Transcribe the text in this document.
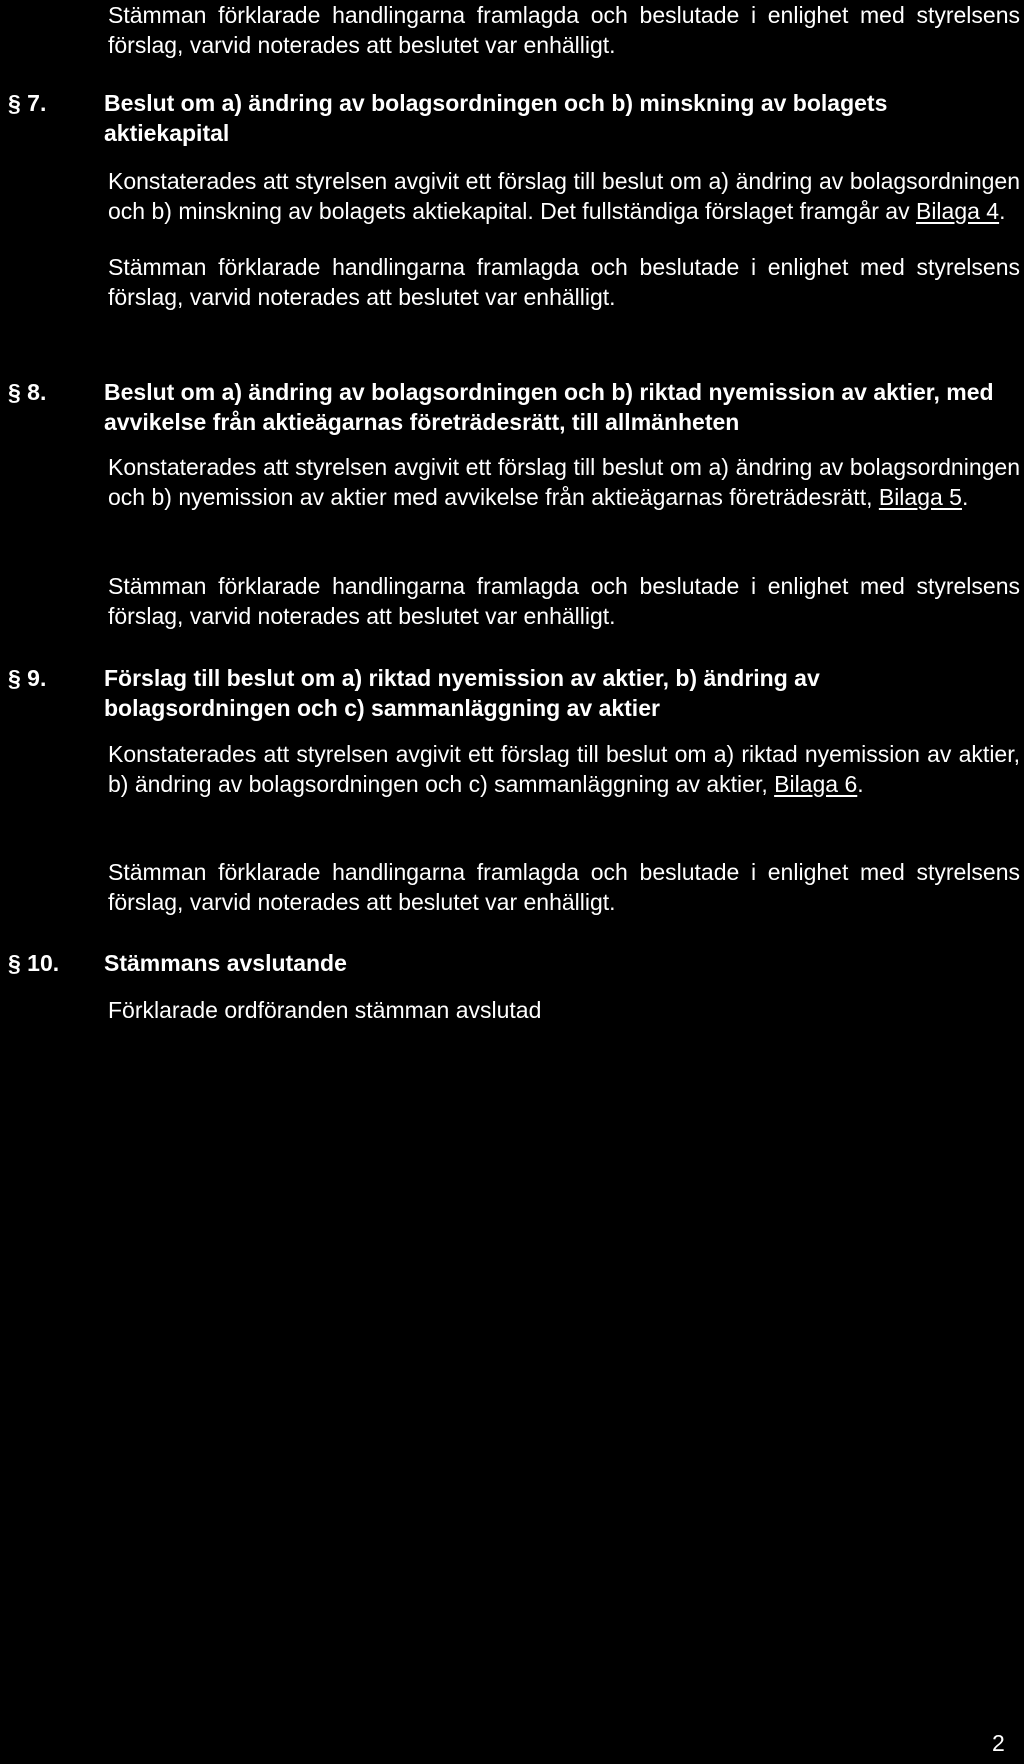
Stämman förklarade handlingarna framlagda och beslutade i enlighet med styrelsens förslag, varvid noterades att beslutet var enhälligt.

§ 7.	Beslut om a) ändring av bolagsordningen och b) minskning av bolagets aktiekapital

Konstaterades att styrelsen avgivit ett förslag till beslut om a) ändring av bolagsordningen och b) minskning av bolagets aktiekapital. Det fullständiga förslaget framgår av Bilaga 4.

Stämman förklarade handlingarna framlagda och beslutade i enlighet med styrelsens förslag, varvid noterades att beslutet var enhälligt.

§ 8.	Beslut om a) ändring av bolagsordningen och b) riktad nyemission av aktier, med avvikelse från aktieägarnas företrädesrätt, till allmänheten

Konstaterades att styrelsen avgivit ett förslag till beslut om a) ändring av bolagsordningen och b) nyemission av aktier med avvikelse från aktieägarnas företrädesrätt, Bilaga 5.

Stämman förklarade handlingarna framlagda och beslutade i enlighet med styrelsens förslag, varvid noterades att beslutet var enhälligt.

§ 9.	Förslag till beslut om a) riktad nyemission av aktier, b) ändring av bolagsordningen och c) sammanläggning av aktier

Konstaterades att styrelsen avgivit ett förslag till beslut om a) riktad nyemission av aktier, b) ändring av bolagsordningen och c) sammanläggning av aktier, Bilaga 6.

Stämman förklarade handlingarna framlagda och beslutade i enlighet med styrelsens förslag, varvid noterades att beslutet var enhälligt.

§ 10. Stämmans avslutande

Förklarade ordföranden stämman avslutad

2
